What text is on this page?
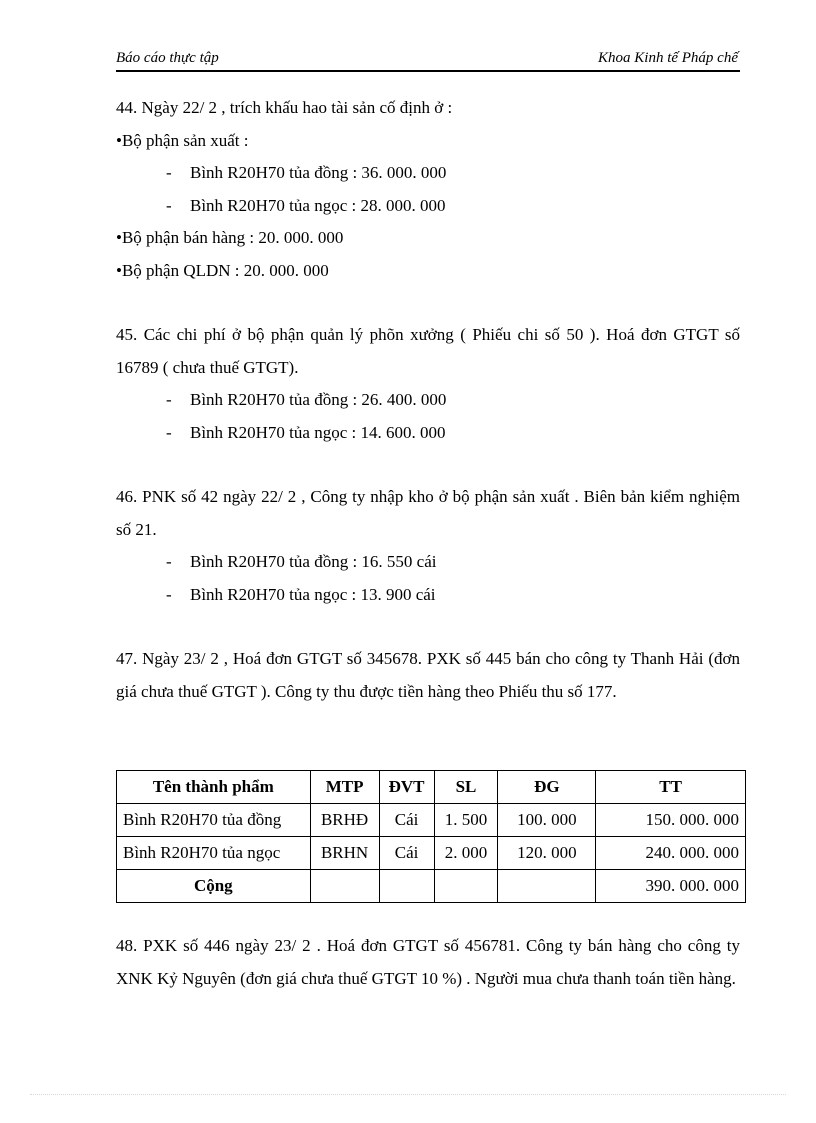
Báo cáo thực tập	Khoa Kinh tế Pháp chế

44. Ngày 22/ 2 , trích khấu hao tài sản cố định ở :

• Bộ phận sản xuất :

- Bình R20H70 tủa đồng : 36. 000. 000
- Bình R20H70 tủa ngọc : 28. 000. 000

• Bộ phận bán hàng : 20. 000. 000

• Bộ phận QLDN : 20. 000. 000

45. Các chi phí ở bộ phận quản lý phõn xưởng ( Phiếu chi số 50 ). Hoá đơn GTGT số 16789 ( chưa thuế GTGT).

- Bình R20H70 tủa đồng : 26. 400. 000
- Bình R20H70 tủa ngọc : 14. 600. 000

46. PNK số 42 ngày 22/ 2 , Công ty nhập kho ở bộ phận sản xuất . Biên bản kiểm nghiệm số 21.

- Bình R20H70 tủa đồng : 16. 550 cái
- Bình R20H70 tủa ngọc : 13. 900 cái

47. Ngày 23/ 2 , Hoá đơn GTGT số 345678. PXK số 445 bán cho công ty Thanh Hải (đơn giá chưa thuế GTGT ). Công ty thu được tiền hàng theo Phiếu thu số 177.

Tên thành phẩm	MTP	ĐVT	SL	ĐG	TT
Bình R20H70 tủa đồng	BRHĐ	Cái	1. 500	100. 000	150. 000. 000
Bình R20H70 tủa ngọc	BRHN	Cái	2. 000	120. 000	240. 000. 000
Cộng					390. 000. 000

48. PXK số 446 ngày 23/ 2 . Hoá đơn GTGT số 456781. Công ty bán hàng cho công ty XNK Kỷ Nguyên (đơn giá chưa thuế GTGT 10 %) . Người mua chưa thanh toán tiền hàng.
